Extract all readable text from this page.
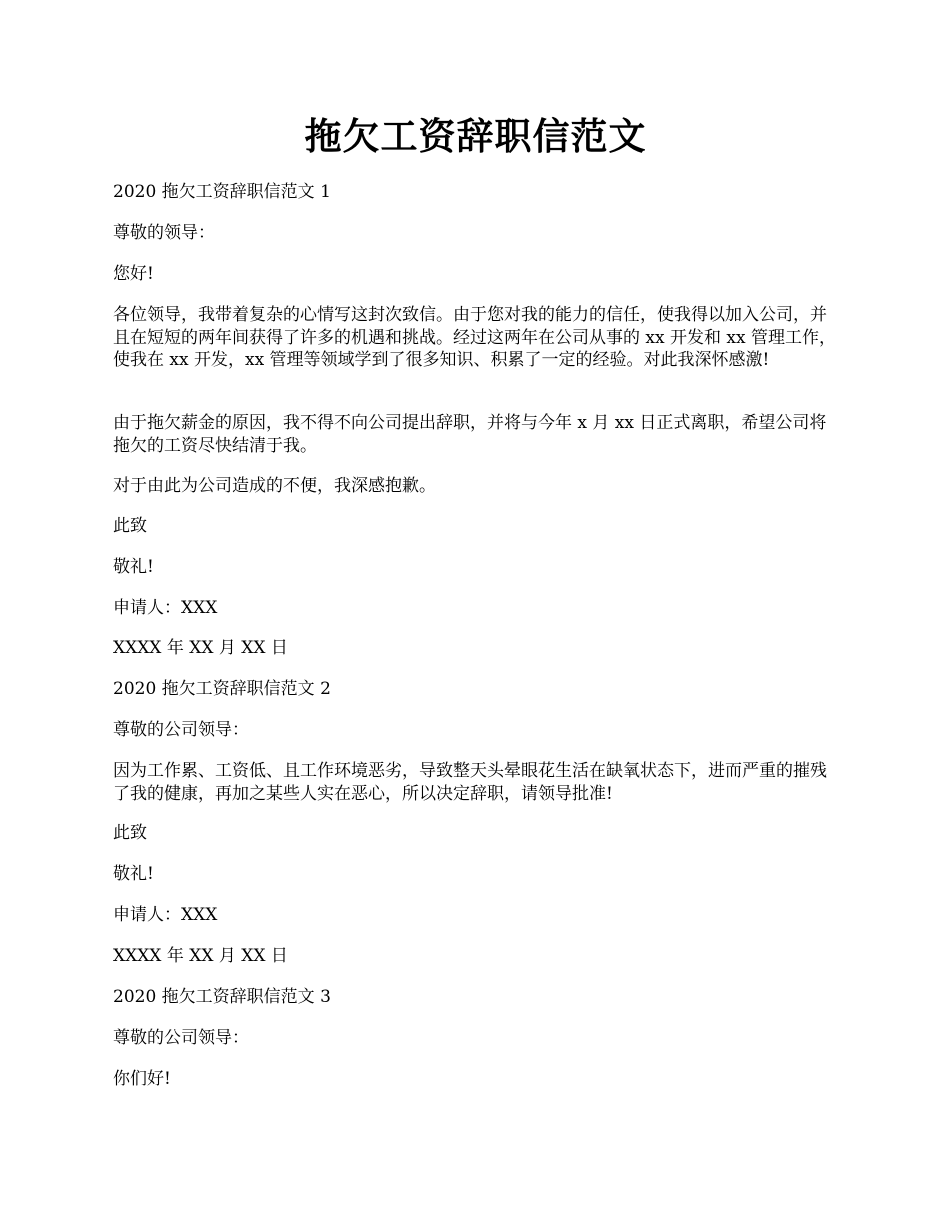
拖欠工资辞职信范文

2020 拖欠工资辞职信范文 1

尊敬的领导：

您好!

各位领导，我带着复杂的心情写这封次致信。由于您对我的能力的信任，使我得以加入公司，并且在短短的两年间获得了许多的机遇和挑战。经过这两年在公司从事的 xx 开发和 xx 管理工作，使我在 xx 开发，xx 管理等领域学到了很多知识、积累了一定的经验。对此我深怀感激!

由于拖欠薪金的原因，我不得不向公司提出辞职，并将与今年 x 月 xx 日正式离职，希望公司将拖欠的工资尽快结清于我。

对于由此为公司造成的不便，我深感抱歉。

此致

敬礼!

申请人：XXX

XXXX 年 XX 月 XX 日

2020 拖欠工资辞职信范文 2

尊敬的公司领导：

因为工作累、工资低、且工作环境恶劣，导致整天头晕眼花生活在缺氧状态下，进而严重的摧残了我的健康，再加之某些人实在恶心，所以决定辞职，请领导批准!

此致

敬礼!

申请人：XXX

XXXX 年 XX 月 XX 日

2020 拖欠工资辞职信范文 3

尊敬的公司领导：

你们好!
